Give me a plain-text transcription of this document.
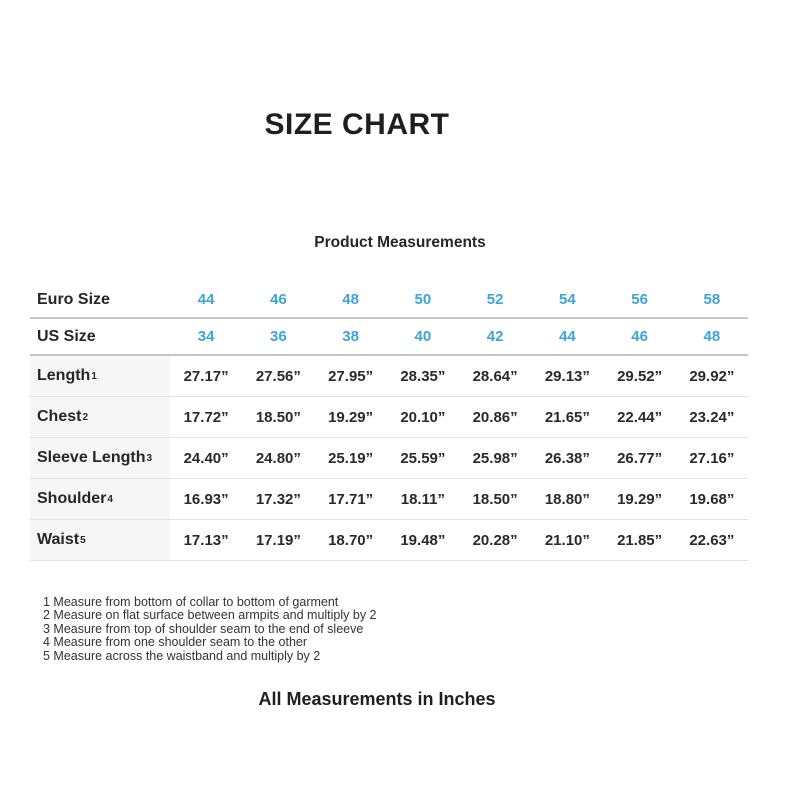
SIZE CHART
Product Measurements
Euro Size	44	46	48	50	52	54	56	58
US Size	34	36	38	40	42	44	46	48
Length 1	27.17”	27.56”	27.95”	28.35”	28.64”	29.13”	29.52”	29.92”
Chest 2	17.72”	18.50”	19.29”	20.10”	20.86”	21.65”	22.44”	23.24”
Sleeve Length 3	24.40”	24.80”	25.19”	25.59”	25.98”	26.38”	26.77”	27.16”
Shoulder 4	16.93”	17.32”	17.71”	18.11”	18.50”	18.80”	19.29”	19.68”
Waist 5	17.13”	17.19”	18.70”	19.48”	20.28”	21.10”	21.85”	22.63”
1 Measure from bottom of collar to bottom of garment
2 Measure on flat surface between armpits and multiply by 2
3 Measure from top of shoulder seam to the end of sleeve
4 Measure from one shoulder seam to the other
5 Measure across the waistband and multiply by 2
All Measurements in Inches
